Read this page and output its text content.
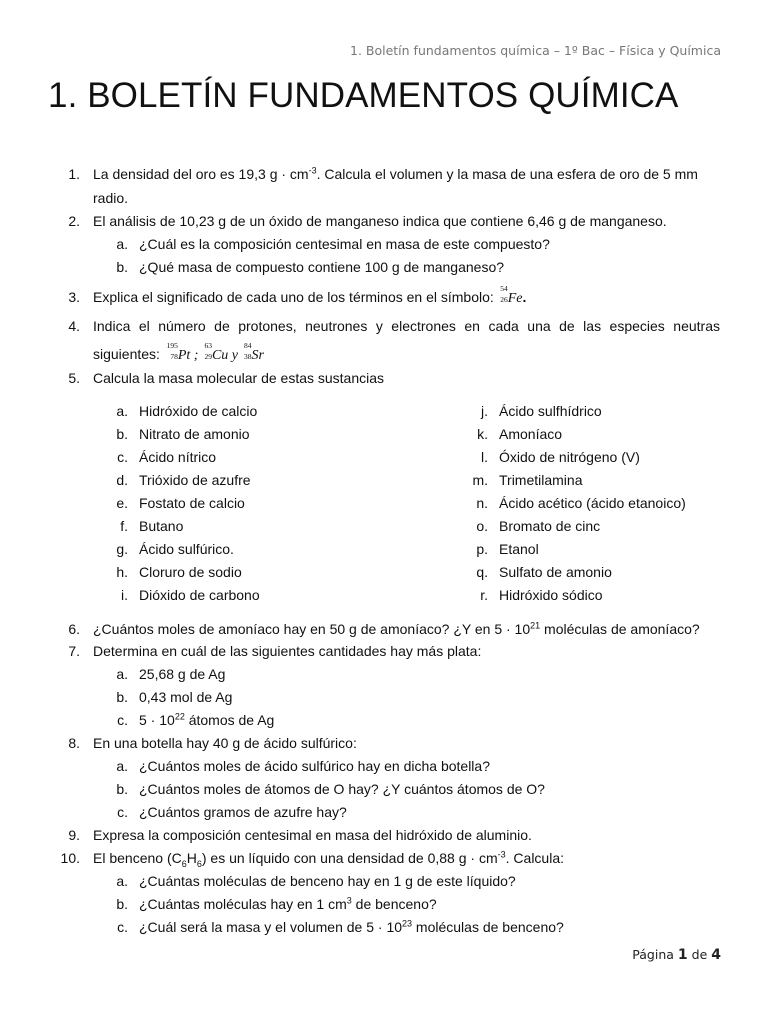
1. Boletín fundamentos química – 1º Bac – Física y Química
1. BOLETÍN FUNDAMENTOS QUÍMICA
1. La densidad del oro es 19,3 $g \cdot cm^{-3}$. Calcula el volumen y la masa de una esfera de oro de 5 mm
radio.
2. El análisis de 10,23 g de un óxido de manganeso indica que contiene 6,46 g de manganeso.
a. ¿Cuál es la composición centesimal en masa de este compuesto?
b. ¿Qué masa de compuesto contiene 100 g de manganeso?
3. Explica el significado de cada uno de los términos en el símbolo:
54
26 Fe.
4. Indica el número de protones, neutrones y electrones en cada una de las especies neutras
siguientes:
195
78 Pt ;
63
29 Cu y
84
38 Sr
5. Calcula la masa molecular de estas sustancias
a. Hidróxido de calcio
b. Nitrato de amonio
c. Ácido nítrico
d. Trióxido de azufre
e. Fostato de calcio
f. Butano
g. Ácido sulfúrico.
h. Cloruro de sodio
i. Dióxido de carbono
j. Ácido sulfhídrico
k. Amoníaco
l. Óxido de nitrógeno (V)
m. Trimetilamina
n. Ácido acético (ácido etanoico)
o. Bromato de cinc
p. Etanol
q. Sulfato de amonio
r. Hidróxido sódico
6. ¿Cuántos moles de amoníaco hay en 50 g de amoníaco? ¿Y en $5 \cdot 10^{21}$ moléculas de amoníaco?
7. Determina en cuál de las siguientes cantidades hay más plata:
a. 25,68 g de Ag
b. 0,43 mol de Ag
c. $5 \cdot 10^{22}$ átomos de Ag
8. En una botella hay 40 g de ácido sulfúrico:
a. ¿Cuántos moles de ácido sulfúrico hay en dicha botella?
b. ¿Cuántos moles de átomos de O hay? ¿Y cuántos átomos de O?
c. ¿Cuántos gramos de azufre hay?
9. Expresa la composición centesimal en masa del hidróxido de aluminio.
10. El benceno $(C_6H_6)$ es un líquido con una densidad de 0,88 $g \cdot cm^{-3}$. Calcula:
a. ¿Cuántas moléculas de benceno hay en 1 g de este líquido?
b. ¿Cuántas moléculas hay en 1 $cm^3$ de benceno?
c. ¿Cuál será la masa y el volumen de $5 \cdot 10^{23}$ moléculas de benceno?
Página 1 de 4
